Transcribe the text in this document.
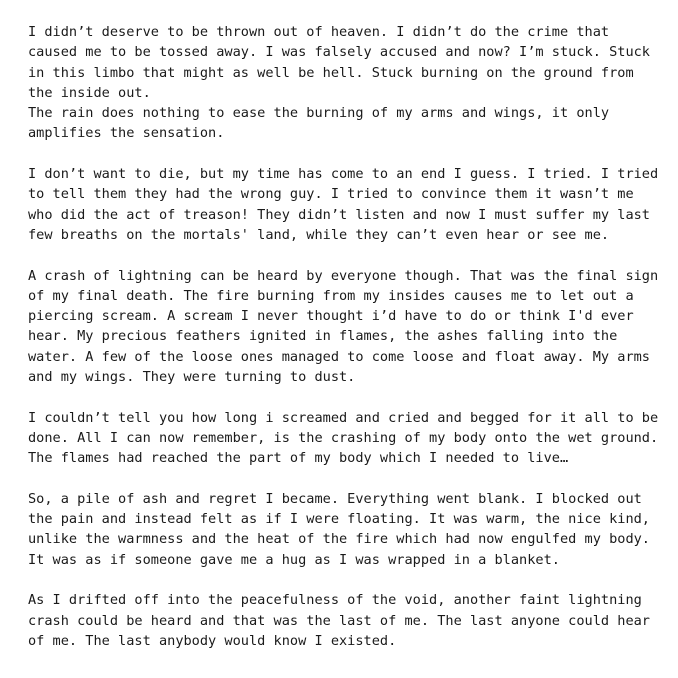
I didn’t deserve to be thrown out of heaven. I didn’t do the crime that
caused me to be tossed away. I was falsely accused and now? I’m stuck. Stuck
in this limbo that might as well be hell. Stuck burning on the ground from
the inside out.
The rain does nothing to ease the burning of my arms and wings, it only
amplifies the sensation.

I don’t want to die, but my time has come to an end I guess. I tried. I tried
to tell them they had the wrong guy. I tried to convince them it wasn’t me
who did the act of treason! They didn’t listen and now I must suffer my last
few breaths on the mortals' land, while they can’t even hear or see me.

A crash of lightning can be heard by everyone though. That was the final sign
of my final death. The fire burning from my insides causes me to let out a
piercing scream. A scream I never thought i’d have to do or think I'd ever
hear. My precious feathers ignited in flames, the ashes falling into the
water. A few of the loose ones managed to come loose and float away. My arms
and my wings. They were turning to dust.

I couldn’t tell you how long i screamed and cried and begged for it all to be
done. All I can now remember, is the crashing of my body onto the wet ground.
The flames had reached the part of my body which I needed to live…

So, a pile of ash and regret I became. Everything went blank. I blocked out
the pain and instead felt as if I were floating. It was warm, the nice kind,
unlike the warmness and the heat of the fire which had now engulfed my body.
It was as if someone gave me a hug as I was wrapped in a blanket.

As I drifted off into the peacefulness of the void, another faint lightning
crash could be heard and that was the last of me. The last anyone could hear
of me. The last anybody would know I existed.
